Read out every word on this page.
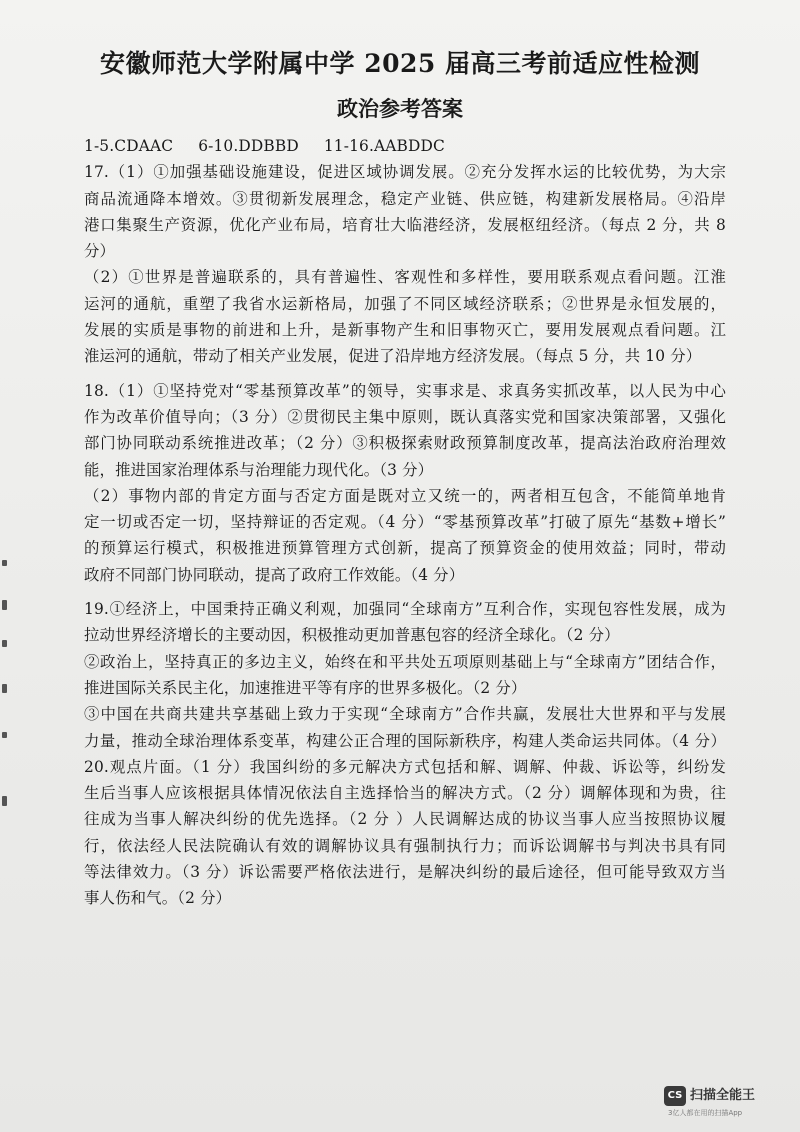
安徽师范大学附属中学 2025 届高三考前适应性检测
政治参考答案
1-5.CDAAC 6-10.DDBBD 11-16.AABDDC
17.（1）①加强基础设施建设，促进区域协调发展。②充分发挥水运的比较优势，为大宗
商品流通降本增效。③贯彻新发展理念，稳定产业链、供应链，构建新发展格局。④沿岸
港口集聚生产资源，优化产业布局，培育壮大临港经济，发展枢纽经济。（每点 2 分，共 8
分）
（2）①世界是普遍联系的，具有普遍性、客观性和多样性，要用联系观点看问题。江淮
运河的通航，重塑了我省水运新格局，加强了不同区域经济联系；②世界是永恒发展的，
发展的实质是事物的前进和上升，是新事物产生和旧事物灭亡，要用发展观点看问题。江
淮运河的通航，带动了相关产业发展，促进了沿岸地方经济发展。（每点 5 分，共 10 分）
18.（1）①坚持党对“零基预算改革”的领导，实事求是、求真务实抓改革，以人民为中心
作为改革价值导向；（3 分）②贯彻民主集中原则，既认真落实党和国家决策部署，又强化
部门协同联动系统推进改革；（2 分）③积极探索财政预算制度改革，提高法治政府治理效
能，推进国家治理体系与治理能力现代化。（3 分）
（2）事物内部的肯定方面与否定方面是既对立又统一的，两者相互包含，不能简单地肯
定一切或否定一切，坚持辩证的否定观。（4 分）“零基预算改革”打破了原先“基数+增长”
的预算运行模式，积极推进预算管理方式创新，提高了预算资金的使用效益；同时，带动
政府不同部门协同联动，提高了政府工作效能。（4 分）
19.①经济上，中国秉持正确义利观，加强同“全球南方”互利合作，实现包容性发展，成为
拉动世界经济增长的主要动因，积极推动更加普惠包容的经济全球化。（2 分）
②政治上，坚持真正的多边主义，始终在和平共处五项原则基础上与“全球南方”团结合作，
推进国际关系民主化，加速推进平等有序的世界多极化。（2 分）
③中国在共商共建共享基础上致力于实现“全球南方”合作共赢，发展壮大世界和平与发展
力量，推动全球治理体系变革，构建公正合理的国际新秩序，构建人类命运共同体。（4 分）
20.观点片面。（1 分）我国纠纷的多元解决方式包括和解、调解、仲裁、诉讼等，纠纷发
生后当事人应该根据具体情况依法自主选择恰当的解决方式。（2 分）调解体现和为贵，往
往成为当事人解决纠纷的优先选择。（2 分 ）人民调解达成的协议当事人应当按照协议履
行，依法经人民法院确认有效的调解协议具有强制执行力；而诉讼调解书与判决书具有同
等法律效力。（3 分）诉讼需要严格依法进行，是解决纠纷的最后途径，但可能导致双方当
事人伤和气。（2 分）
CS 扫描全能王
3亿人都在用的扫描App
